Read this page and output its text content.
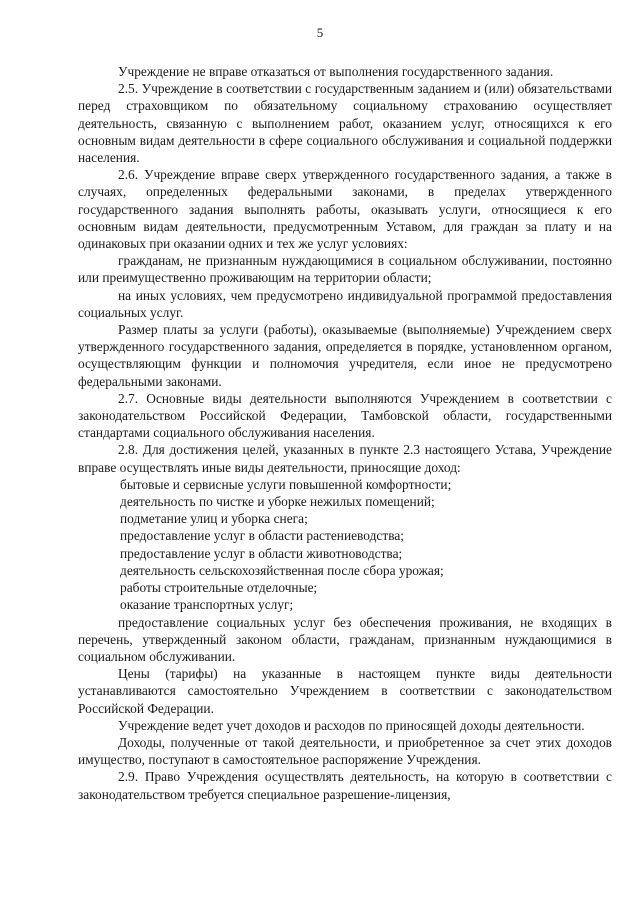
5

Учреждение не вправе отказаться от выполнения государственного задания.

2.5. Учреждение в соответствии с государственным заданием и (или) обязательствами перед страховщиком по обязательному социальному страхованию осуществляет деятельность, связанную с выполнением работ, оказанием услуг, относящихся к его основным видам деятельности в сфере социального обслуживания и социальной поддержки населения.

2.6. Учреждение вправе сверх утвержденного государственного задания, а также в случаях, определенных федеральными законами, в пределах утвержденного государственного задания выполнять работы, оказывать услуги, относящиеся к его основным видам деятельности, предусмотренным Уставом, для граждан за плату и на одинаковых при оказании одних и тех же услуг условиях:

гражданам, не признанным нуждающимися в социальном обслуживании, постоянно или преимущественно проживающим на территории области;

на иных условиях, чем предусмотрено индивидуальной программой предоставления социальных услуг.

Размер платы за услуги (работы), оказываемые (выполняемые) Учреждением сверх утвержденного государственного задания, определяется в порядке, установленном органом, осуществляющим функции и полномочия учредителя, если иное не предусмотрено федеральными законами.

2.7. Основные виды деятельности выполняются Учреждением в соответствии с законодательством Российской Федерации, Тамбовской области, государственными стандартами социального обслуживания населения.

2.8. Для достижения целей, указанных в пункте 2.3 настоящего Устава, Учреждение вправе осуществлять иные виды деятельности, приносящие доход:

бытовые и сервисные услуги повышенной комфортности;

деятельность по чистке и уборке нежилых помещений;

подметание улиц и уборка снега;

предоставление услуг в области растениеводства;

предоставление услуг в области животноводства;

деятельность сельскохозяйственная после сбора урожая;

работы строительные отделочные;

оказание транспортных услуг;

предоставление социальных услуг без обеспечения проживания, не входящих в перечень, утвержденный законом области, гражданам, признанным нуждающимися в социальном обслуживании.

Цены (тарифы) на указанные в настоящем пункте виды деятельности устанавливаются самостоятельно Учреждением в соответствии с законодательством Российской Федерации.

Учреждение ведет учет доходов и расходов по приносящей доходы деятельности.

Доходы, полученные от такой деятельности, и приобретенное за счет этих доходов имущество, поступают в самостоятельное распоряжение Учреждения.

2.9. Право Учреждения осуществлять деятельность, на которую в соответствии с законодательством требуется специальное разрешение-лицензия,
